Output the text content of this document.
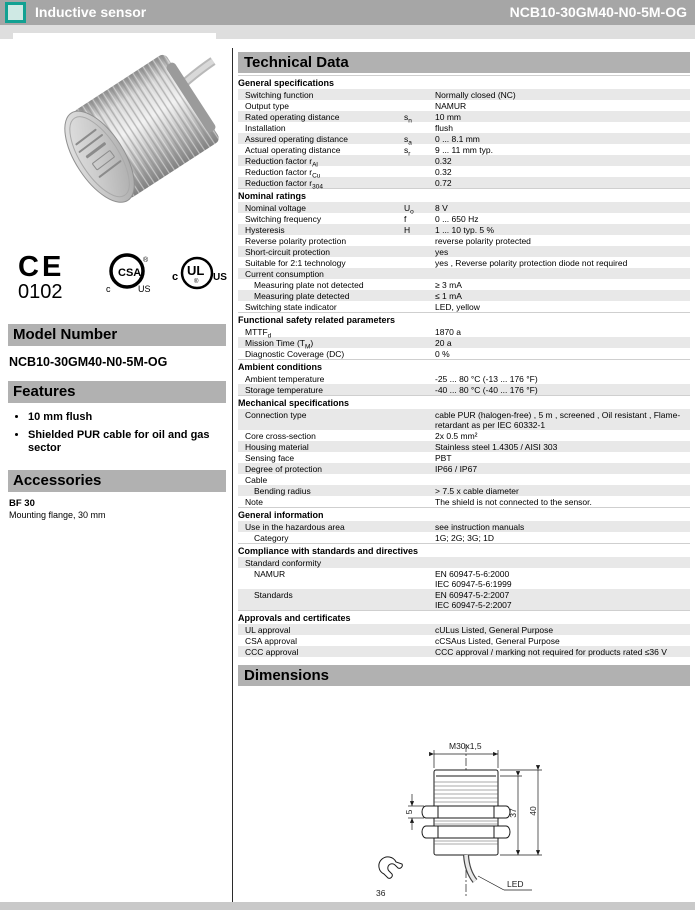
Inductive sensor	NCB10-30GM40-N0-5M-OG
CE
0102
CSA
®
c	US
c UL
® US
Model Number
NCB10-30GM40-N0-5M-OG
Features
• 10 mm flush
• Shielded PUR cable for oil and gas sector
Accessories
BF 30
Mounting flange, 30 mm
Technical Data
General specifications
Switching function	Normally closed (NC)
Output type	NAMUR
Rated operating distance	$s_n$	10 mm
Installation	flush
Assured operating distance	$s_a$	0 ... 8.1 mm
Actual operating distance	$s_r$	9 ... 11 mm typ.
Reduction factor $r_{Al}$	0.32
Reduction factor $r_{Cu}$	0.32
Reduction factor $r_{304}$	0.72
Nominal ratings
Nominal voltage	$U_o$	8 V
Switching frequency	f	0 ... 650 Hz
Hysteresis	H	1 ... 10 typ. 5 %
Reverse polarity protection	reverse polarity protected
Short-circuit protection	yes
Suitable for 2:1 technology	yes , Reverse polarity protection diode not required
Current consumption
Measuring plate not detected	≥ 3 mA
Measuring plate detected	≤ 1 mA
Switching state indicator	LED, yellow
Functional safety related parameters
$MTTF_d$	1870 a
Mission Time $(T_M)$	20 a
Diagnostic Coverage (DC)	0 %
Ambient conditions
Ambient temperature	-25 ... 80 °C (-13 ... 176 °F)
Storage temperature	-40 ... 80 °C (-40 ... 176 °F)
Mechanical specifications
Connection type	cable PUR (halogen-free) , 5 m , screened , Oil resistant , Flame-
retardant as per IEC 60332-1
Core cross-section	2x 0.5 mm²
Housing material	Stainless steel 1.4305 / AISI 303
Sensing face	PBT
Degree of protection	IP66 / IP67
Cable
Bending radius	> 7.5 x cable diameter
Note	The shield is not connected to the sensor.
General information
Use in the hazardous area	see instruction manuals
Category	1G; 2G; 3G; 1D
Compliance with standards and directives
Standard conformity
NAMUR	EN 60947-5-6:2000
IEC 60947-5-6:1999
Standards	EN 60947-5-2:2007
IEC 60947-5-2:2007
Approvals and certificates
UL approval	cULus Listed, General Purpose
CSA approval	cCSAus Listed, General Purpose
CCC approval	CCC approval / marking not required for products rated ≤36 V
Dimensions
M30x1,5
5	37 40
36
LED
